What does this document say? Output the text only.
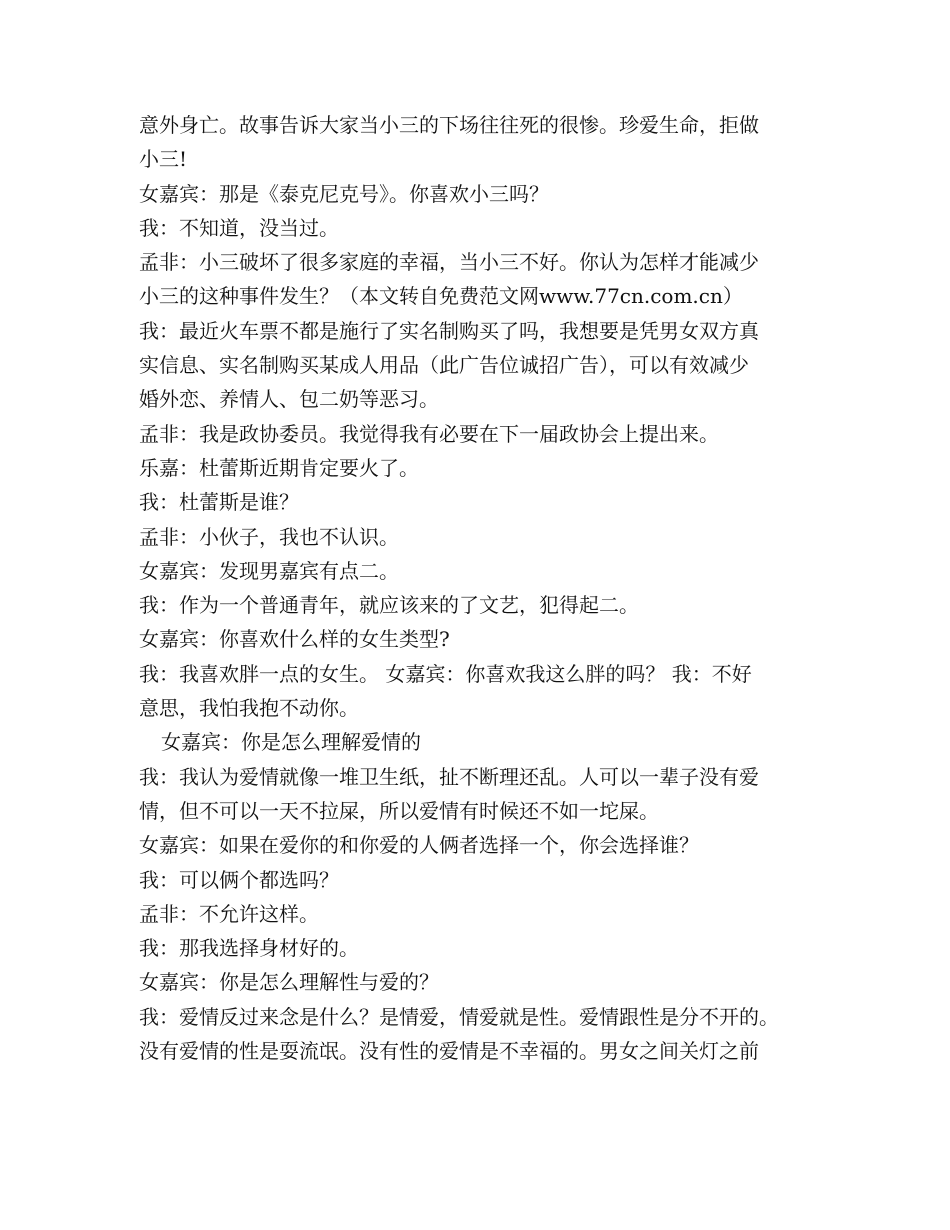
意外身亡。故事告诉大家当小三的下场往往死的很惨。珍爱生命，拒做
小三!
女嘉宾：那是《泰克尼克号》。你喜欢小三吗？
我：不知道，没当过。
孟非：小三破坏了很多家庭的幸福，当小三不好。你认为怎样才能减少
小三的这种事件发生？（本文转自免费范文网www.77cn.com.cn）
我：最近火车票不都是施行了实名制购买了吗，我想要是凭男女双方真
实信息、实名制购买某成人用品（此广告位诚招广告），可以有效减少
婚外恋、养情人、包二奶等恶习。
孟非：我是政协委员。我觉得我有必要在下一届政协会上提出来。
乐嘉：杜蕾斯近期肯定要火了。
我：杜蕾斯是谁？
孟非：小伙子，我也不认识。
女嘉宾：发现男嘉宾有点二。
我：作为一个普通青年，就应该来的了文艺，犯得起二。
女嘉宾：你喜欢什么样的女生类型?
我：我喜欢胖一点的女生。 女嘉宾：你喜欢我这么胖的吗？ 我：不好
意思，我怕我抱不动你。
女嘉宾：你是怎么理解爱情的
我：我认为爱情就像一堆卫生纸，扯不断理还乱。人可以一辈子没有爱
情，但不可以一天不拉屎，所以爱情有时候还不如一坨屎。
女嘉宾：如果在爱你的和你爱的人俩者选择一个，你会选择谁？
我：可以俩个都选吗？
孟非：不允许这样。
我：那我选择身材好的。
女嘉宾：你是怎么理解性与爱的？
我：爱情反过来念是什么？是情爱，情爱就是性。爱情跟性是分不开的。
没有爱情的性是耍流氓。没有性的爱情是不幸福的。男女之间关灯之前
